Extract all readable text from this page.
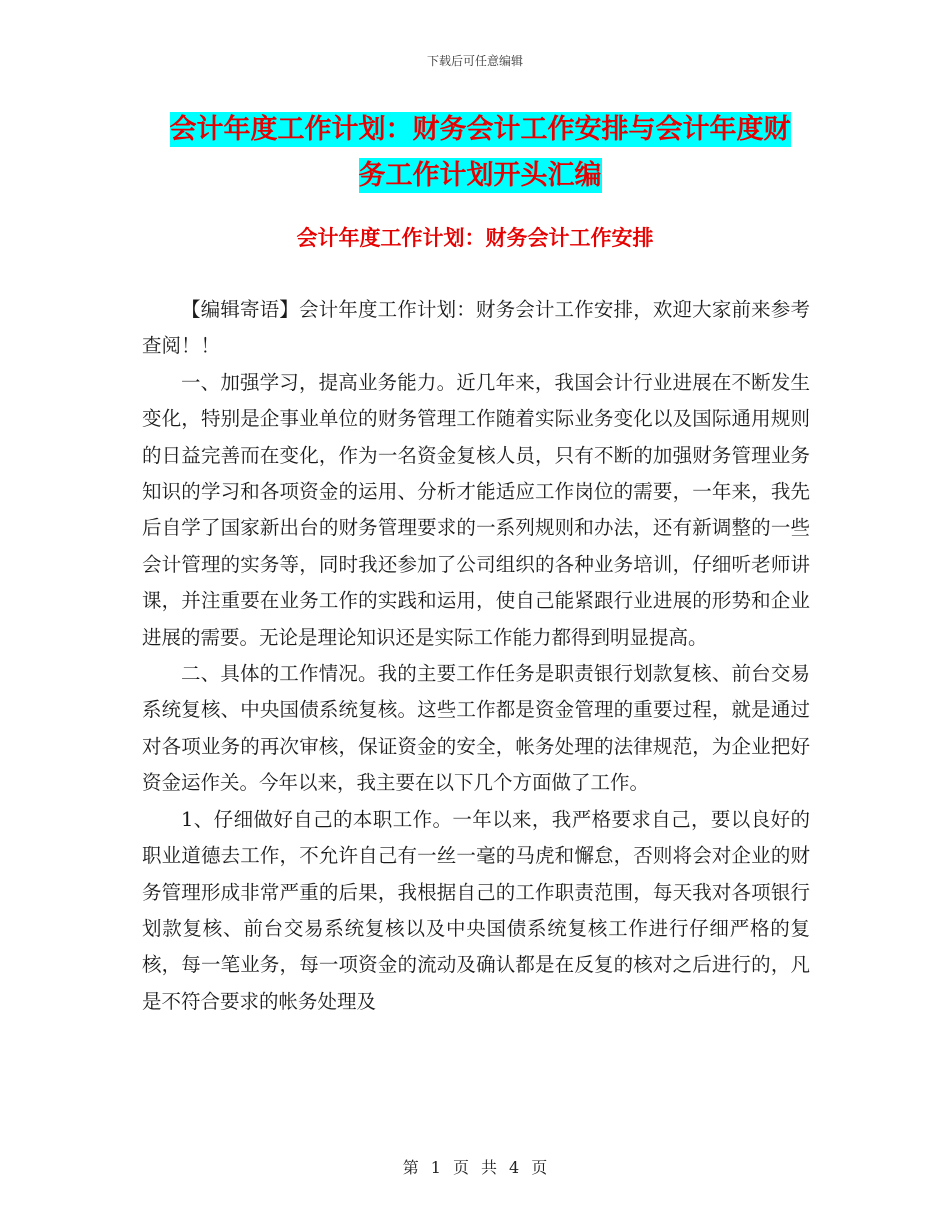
下载后可任意编辑
会计年度工作计划：财务会计工作安排与会计年度财
务工作计划开头汇编
会计年度工作计划：财务会计工作安排

【编辑寄语】会计年度工作计划：财务会计工作安排，欢迎大家前来参考查阅！！

一、加强学习，提高业务能力。近几年来，我国会计行业进展在不断发生变化，特别是企事业单位的财务管理工作随着实际业务变化以及国际通用规则的日益完善而在变化，作为一名资金复核人员，只有不断的加强财务管理业务知识的学习和各项资金的运用、分析才能适应工作岗位的需要，一年来，我先后自学了国家新出台的财务管理要求的一系列规则和办法，还有新调整的一些会计管理的实务等，同时我还参加了公司组织的各种业务培训，仔细听老师讲课，并注重要在业务工作的实践和运用，使自己能紧跟行业进展的形势和企业进展的需要。无论是理论知识还是实际工作能力都得到明显提高。

二、具体的工作情况。我的主要工作任务是职责银行划款复核、前台交易系统复核、中央国债系统复核。这些工作都是资金管理的重要过程，就是通过对各项业务的再次审核，保证资金的安全，帐务处理的法律规范，为企业把好资金运作关。今年以来，我主要在以下几个方面做了工作。

1、仔细做好自己的本职工作。一年以来，我严格要求自己，要以良好的职业道德去工作，不允许自己有一丝一毫的马虎和懈怠，否则将会对企业的财务管理形成非常严重的后果，我根据自己的工作职责范围，每天我对各项银行划款复核、前台交易系统复核以及中央国债系统复核工作进行仔细严格的复核，每一笔业务，每一项资金的流动及确认都是在反复的核对之后进行的，凡是不符合要求的帐务处理及

第 1 页 共 4 页
